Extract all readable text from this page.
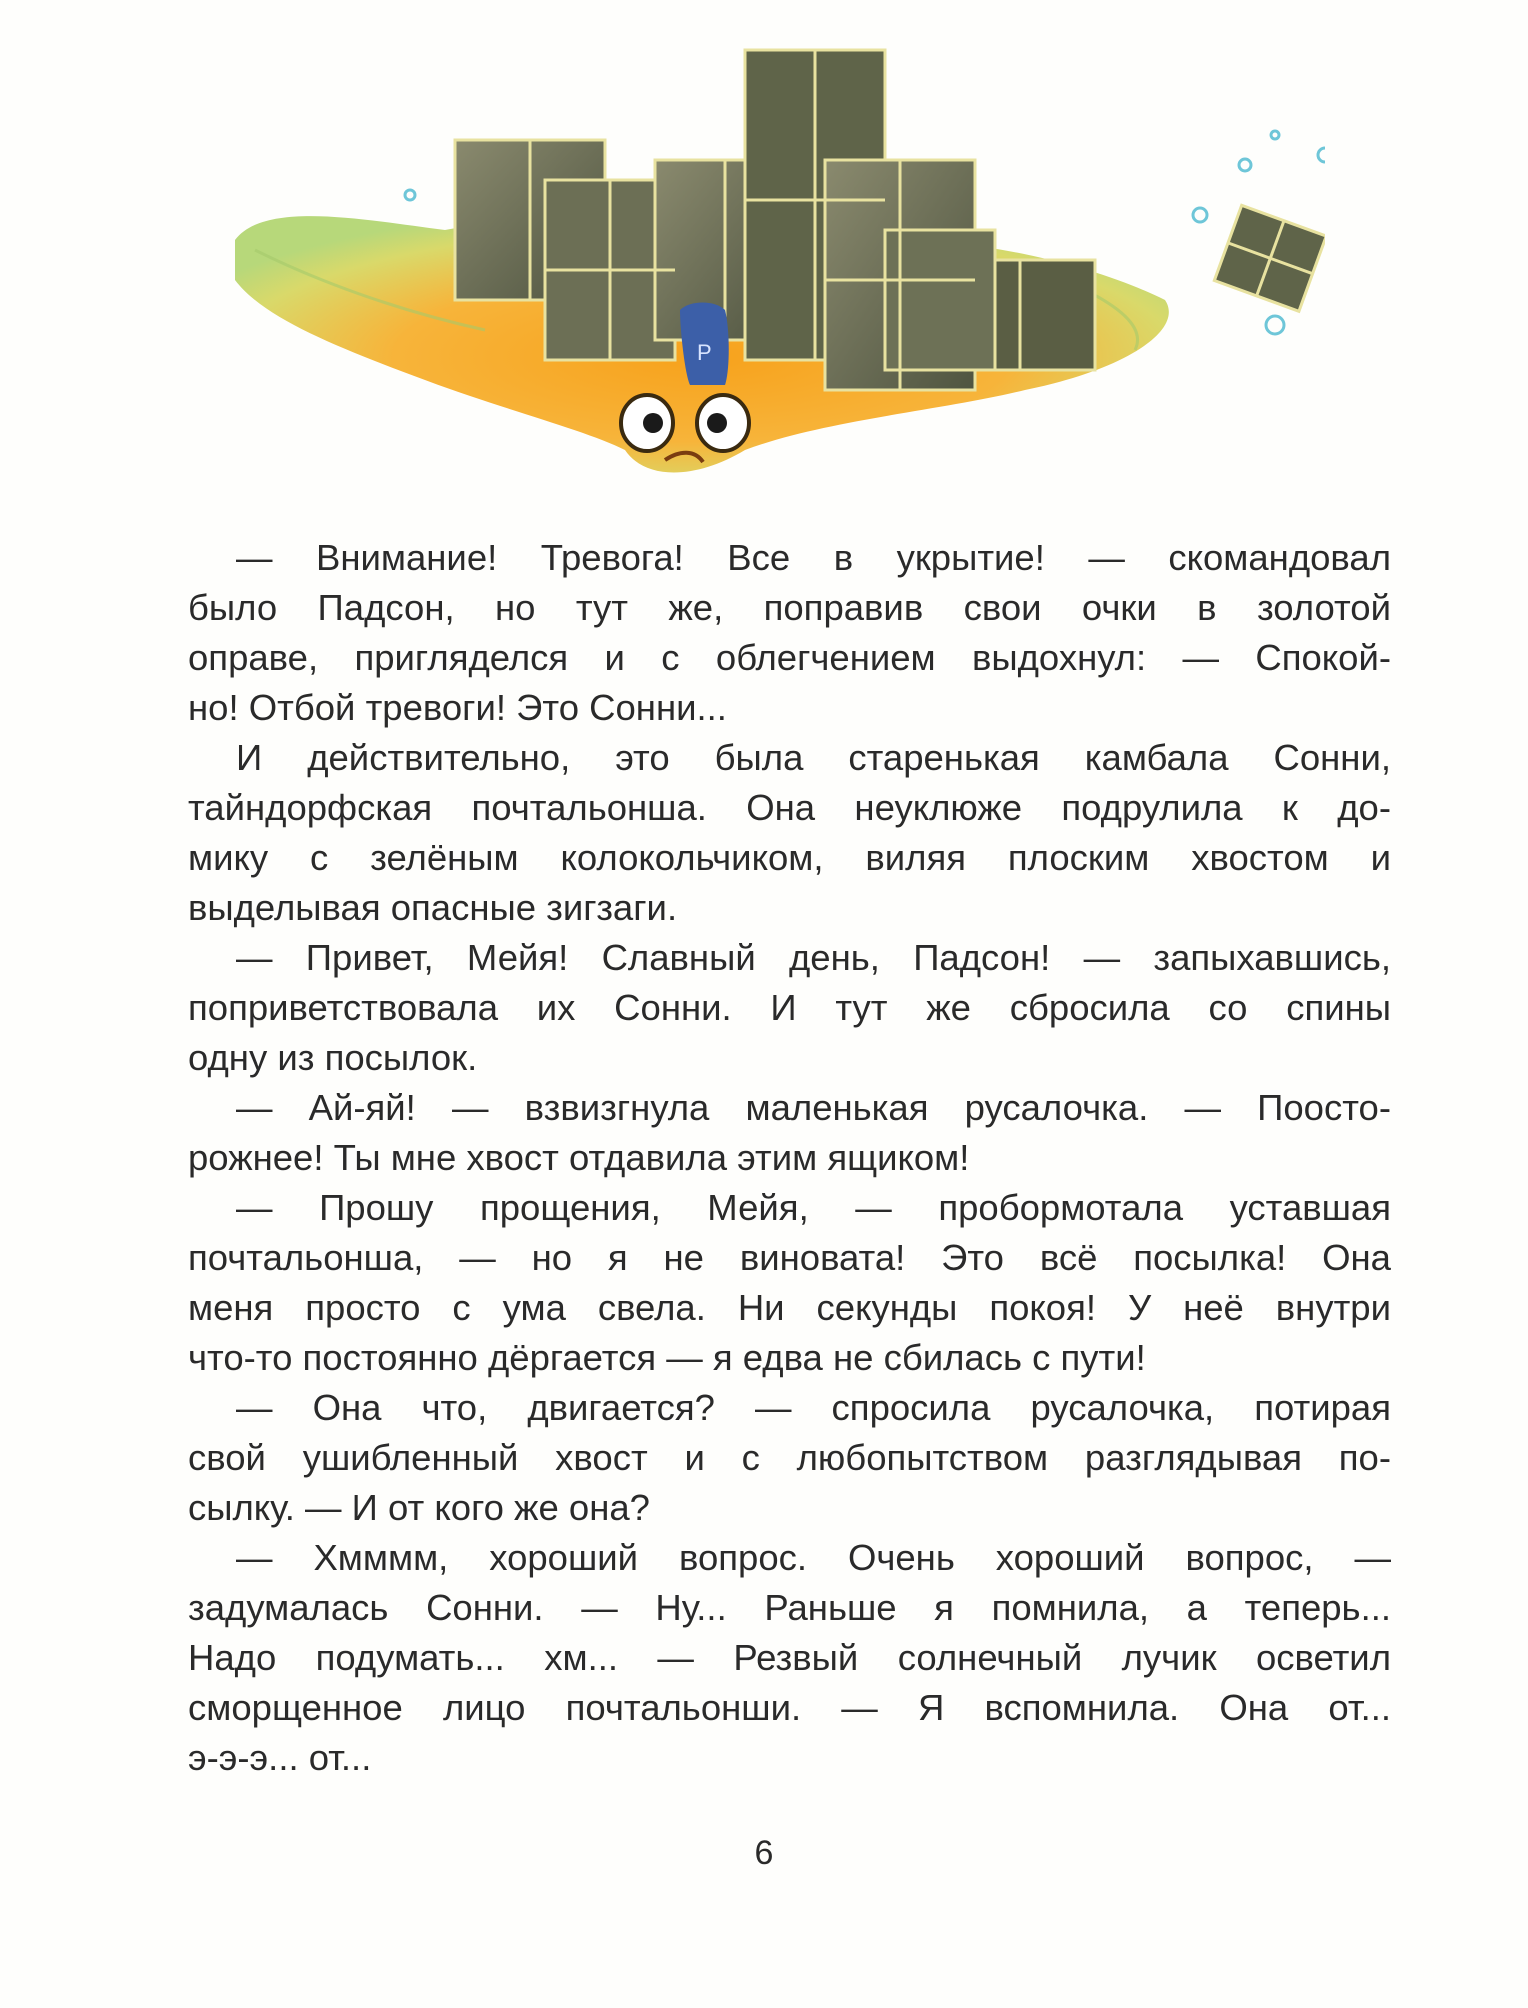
P
— Внимание! Тревога! Все в укрытие! — скомандовал
было Падсон, но тут же, поправив свои очки в золотой
оправе, пригляделся и с облегчением выдохнул: — Спокой-
но! Отбой тревоги! Это Сонни...
И действительно, это была старенькая камбала Сонни,
тайндорфская почтальонша. Она неуклюже подрулила к до-
мику с зелёным колокольчиком, виляя плоским хвостом и
выделывая опасные зигзаги.
— Привет, Мейя! Славный день, Падсон! — запыхавшись,
поприветствовала их Сонни. И тут же сбросила со спины
одну из посылок.
— Ай-яй! — взвизгнула маленькая русалочка. — Поосто-
рожнее! Ты мне хвост отдавила этим ящиком!
— Прошу прощения, Мейя, — пробормотала уставшая
почтальонша, — но я не виновата! Это всё посылка! Она
меня просто с ума свела. Ни секунды покоя! У неё внутри
что-то постоянно дёргается — я едва не сбилась с пути!
— Она что, двигается? — спросила русалочка, потирая
свой ушибленный хвост и с любопытством разглядывая по-
сылку. — И от кого же она?
— Хмммм, хороший вопрос. Очень хороший вопрос, —
задумалась Сонни. — Ну... Раньше я помнила, а теперь...
Надо подумать... хм... — Резвый солнечный лучик осветил
сморщенное лицо почтальонши. — Я вспомнила. Она от...
э-э-э... от...
6
